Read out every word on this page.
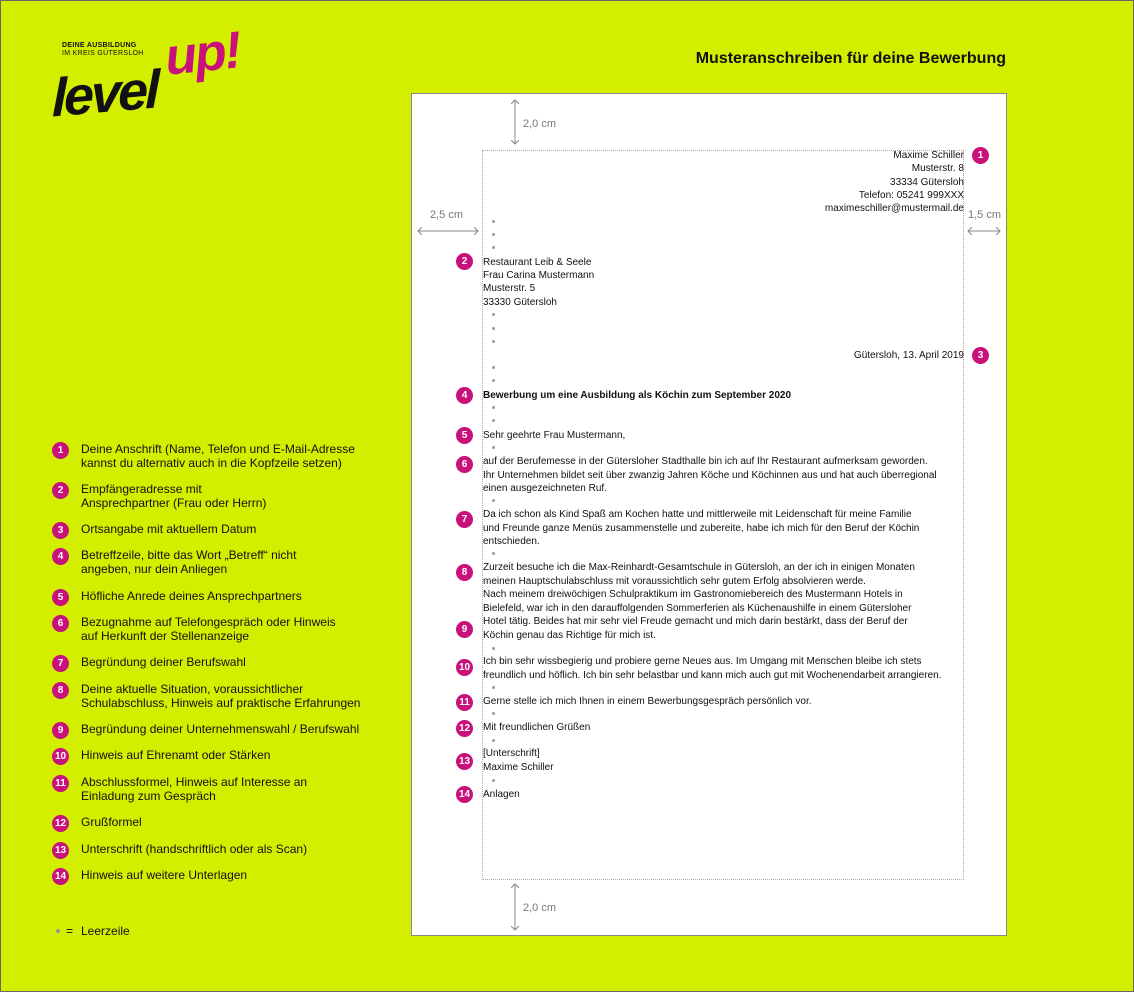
DEINE AUSBILDUNG
IM KREIS GÜTERSLOH
level
up!	Musteranschreiben für deine Bewerbung
1	Deine Anschrift (Name, Telefon und E-Mail-Adresse kannst du alternativ auch in die Kopfzeile setzen)
2	Empfängeradresse mit Ansprechpartner (Frau oder Herrn)
3	Ortsangabe mit aktuellem Datum
4	Betreffzeile, bitte das Wort „Betreff“ nicht angeben, nur dein Anliegen
5	Höfliche Anrede deines Ansprechpartners
6	Bezugnahme auf Telefongespräch oder Hinweis auf Herkunft der Stellenanzeige
7	Begründung deiner Berufswahl
8	Deine aktuelle Situation, voraussichtlicher Schulabschluss, Hinweis auf praktische Erfahrungen
9	Begründung deiner Unternehmenswahl / Berufswahl
10 Hinweis auf Ehrenamt oder Stärken
11 Abschlussformel, Hinweis auf Interesse an Einladung zum Gespräch
12 Grußformel
13 Unterschrift (handschriftlich oder als Scan)
14 Hinweis auf weitere Unterlagen
= Leerzeile
2,0 cm
2,5 cm	1,5 cm
2,0 cm
Maxime Schiller
Musterstr. 8
33334 Gütersloh
Telefon: 05241 999XXX
maximeschiller@mustermail.de
1
2	Restaurant Leib & Seele
Frau Carina Mustermann
Musterstr. 5
33330 Gütersloh
Gütersloh, 13. April 2019	3
4	Bewerbung um eine Ausbildung als Köchin zum September 2020
5	Sehr geehrte Frau Mustermann,
6	auf der Berufemesse in der Gütersloher Stadthalle bin ich auf Ihr Restaurant aufmerksam geworden.
Ihr Unternehmen bildet seit über zwanzig Jahren Köche und Köchinnen aus und hat auch überregional
einen ausgezeichneten Ruf.
7	Da ich schon als Kind Spaß am Kochen hatte und mittlerweile mit Leidenschaft für meine Familie
und Freunde ganze Menüs zusammenstelle und zubereite, habe ich mich für den Beruf der Köchin
entschieden.
8	Zurzeit besuche ich die Max-Reinhardt-Gesamtschule in Gütersloh, an der ich in einigen Monaten
meinen Hauptschulabschluss mit voraussichtlich sehr gutem Erfolg absolvieren werde.
Nach meinem dreiwöchigen Schulpraktikum im Gastronomiebereich des Mustermann Hotels in
Bielefeld, war ich in den darauffolgenden Sommerferien als Küchenaushilfe in einem Gütersloher
Hotel tätig. Beides hat mir sehr viel Freude gemacht und mich darin bestärkt, dass der Beruf der
Köchin genau das Richtige für mich ist.
9
10
Ich bin sehr wissbegierig und probiere gerne Neues aus. Im Umgang mit Menschen bleibe ich stets
freundlich und höflich. Ich bin sehr belastbar und kann mich auch gut mit Wochenendarbeit arrangieren.
11	Gerne stelle ich mich Ihnen in einem Bewerbungsgespräch persönlich vor.
12 Mit freundlichen Grüßen
13
[Unterschrift]
Maxime Schiller
14 Anlagen
